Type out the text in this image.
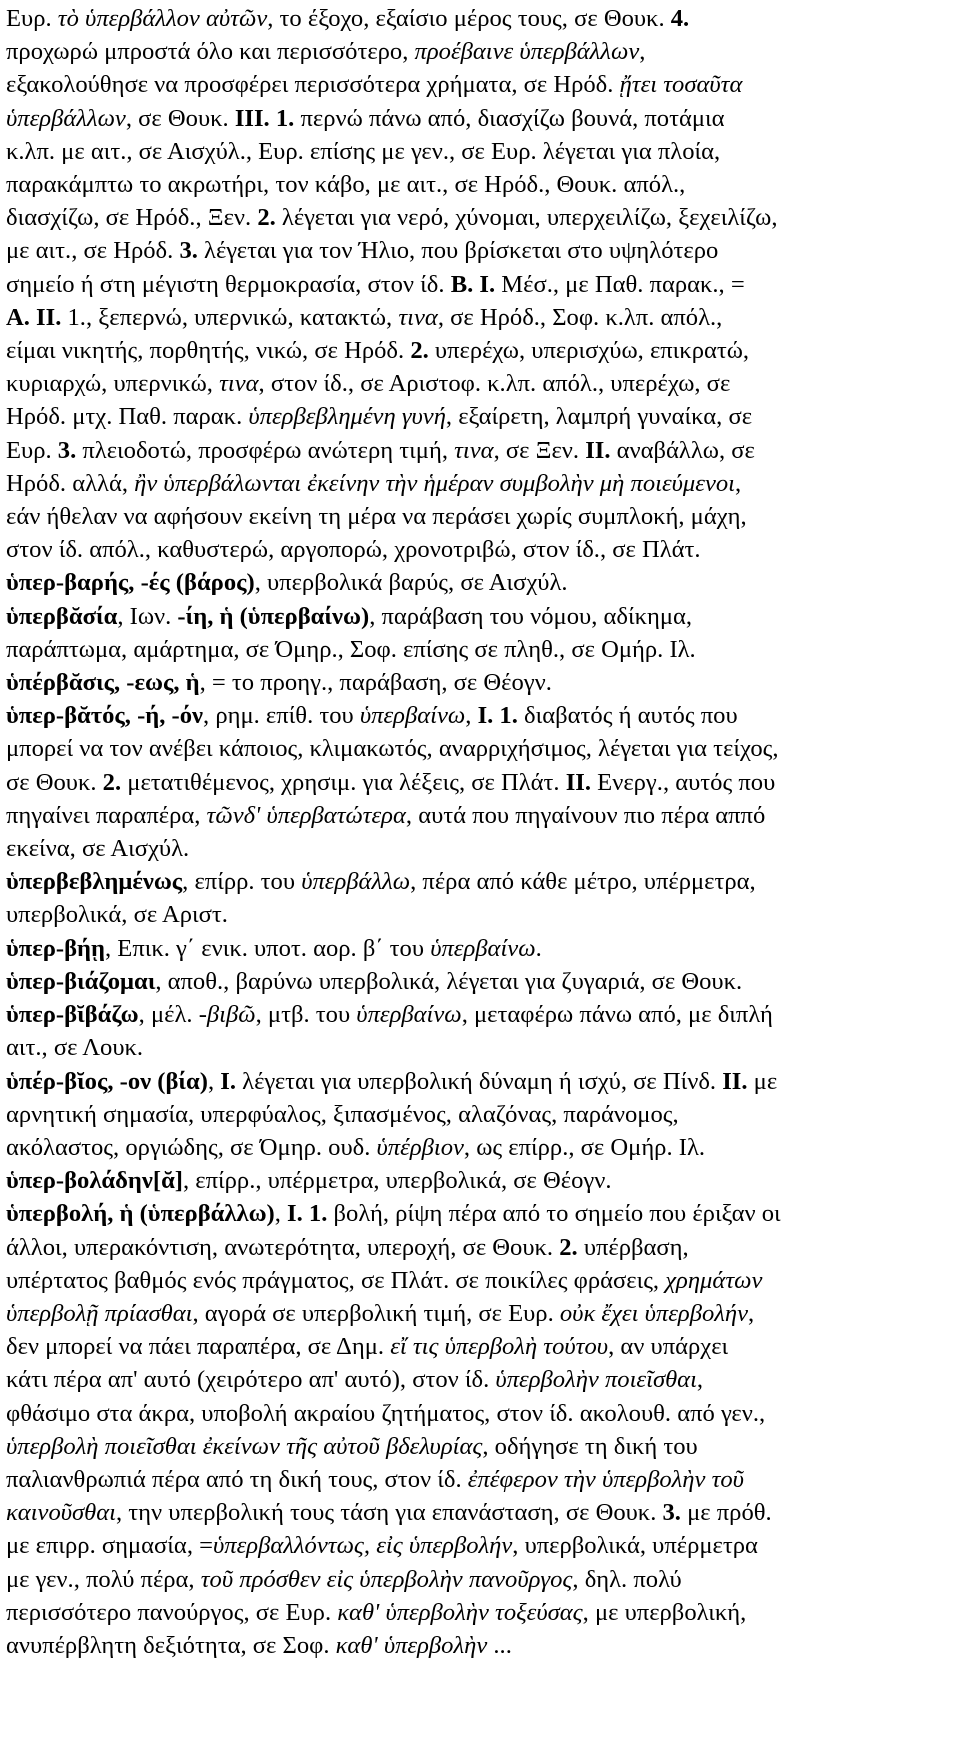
Ευρ. τὸ ὑπερβάλλον αὐτῶν, το έξοχο, εξαίσιο μέρος τους, σε Θουκ. 4.
προχωρώ μπροστά όλο και περισσότερο, προέβαινε ὑπερβάλλων,
εξακολούθησε να προσφέρει περισσότερα χρήματα, σε Ηρόδ. ᾔτει τοσαῦτα
ὑπερβάλλων, σε Θουκ. ΙΙΙ. 1. περνώ πάνω από, διασχίζω βουνά, ποτάμια
κ.λπ. με αιτ., σε Αισχύλ., Ευρ. επίσης με γεν., σε Ευρ. λέγεται για πλοία,
παρακάμπτω το ακρωτήρι, τον κάβο, με αιτ., σε Ηρόδ., Θουκ. απόλ.,
διασχίζω, σε Ηρόδ., Ξεν. 2. λέγεται για νερό, χύνομαι, υπερχειλίζω, ξεχειλίζω,
με αιτ., σε Ηρόδ. 3. λέγεται για τον Ήλιο, που βρίσκεται στο υψηλότερο
σημείο ή στη μέγιστη θερμοκρασία, στον ίδ. Β. Ι. Μέσ., με Παθ. παρακ., =
Α. ΙΙ. 1., ξεπερνώ, υπερνικώ, κατακτώ, τινα, σε Ηρόδ., Σοφ. κ.λπ. απόλ.,
είμαι νικητής, πορθητής, νικώ, σε Ηρόδ. 2. υπερέχω, υπερισχύω, επικρατώ,
κυριαρχώ, υπερνικώ, τινα, στον ίδ., σε Αριστοφ. κ.λπ. απόλ., υπερέχω, σε
Ηρόδ. μτχ. Παθ. παρακ. ὑπερβεβλημένη γυνή, εξαίρετη, λαμπρή γυναίκα, σε
Ευρ. 3. πλειοδοτώ, προσφέρω ανώτερη τιμή, τινα, σε Ξεν. ΙΙ. αναβάλλω, σε
Ηρόδ. αλλά, ἢν ὑπερβάλωνται ἐκείνην τὴν ἡμέραν συμβολὴν μὴ ποιεύμενοι,
εάν ήθελαν να αφήσουν εκείνη τη μέρα να περάσει χωρίς συμπλοκή, μάχη,
στον ίδ. απόλ., καθυστερώ, αργοπορώ, χρονοτριβώ, στον ίδ., σε Πλάτ.
ὑπερ-βαρής, -ές (βάρος), υπερβολικά βαρύς, σε Αισχύλ.
ὑπερβᾰσία, Ιων. -ίη, ἡ (ὑπερβαίνω), παράβαση του νόμου, αδίκημα,
παράπτωμα, αμάρτημα, σε Όμηρ., Σοφ. επίσης σε πληθ., σε Ομήρ. Ιλ.
ὑπέρβᾰσις, -εως, ἡ, = το προηγ., παράβαση, σε Θέογν.
ὑπερ-βᾰτός, -ή, -όν, ρημ. επίθ. του ὑπερβαίνω, Ι. 1. διαβατός ή αυτός που
μπορεί να τον ανέβει κάποιος, κλιμακωτός, αναρριχήσιμος, λέγεται για τείχος,
σε Θουκ. 2. μετατιθέμενος, χρησιμ. για λέξεις, σε Πλάτ. ΙΙ. Ενεργ., αυτός που
πηγαίνει παραπέρα, τῶνδ' ὑπερβατώτερα, αυτά που πηγαίνουν πιο πέρα αππό
εκείνα, σε Αισχύλ.
ὑπερβεβλημένως, επίρρ. του ὑπερβάλλω, πέρα από κάθε μέτρο, υπέρμετρα,
υπερβολικά, σε Αριστ.
ὑπερ-βήῃ, Επικ. γ΄ ενικ. υποτ. αορ. β΄ του ὑπερβαίνω.
ὑπερ-βιάζομαι, αποθ., βαρύνω υπερβολικά, λέγεται για ζυγαριά, σε Θουκ.
ὑπερ-βῐβάζω, μέλ. -βιβῶ, μτβ. του ὑπερβαίνω, μεταφέρω πάνω από, με διπλή
αιτ., σε Λουκ.
ὑπέρ-βῐος, -ον (βία), Ι. λέγεται για υπερβολική δύναμη ή ισχύ, σε Πίνδ. ΙΙ. με
αρνητική σημασία, υπερφύαλος, ξιπασμένος, αλαζόνας, παράνομος,
ακόλαστος, οργιώδης, σε Όμηρ. ουδ. ὑπέρβιον, ως επίρρ., σε Ομήρ. Ιλ.
ὑπερ-βολάδην[ᾰ], επίρρ., υπέρμετρα, υπερβολικά, σε Θέογν.
ὑπερβολή, ἡ (ὑπερβάλλω), Ι. 1. βολή, ρίψη πέρα από το σημείο που έριξαν οι
άλλοι, υπερακόντιση, ανωτερότητα, υπεροχή, σε Θουκ. 2. υπέρβαση,
υπέρτατος βαθμός ενός πράγματος, σε Πλάτ. σε ποικίλες φράσεις, χρημάτων
ὑπερβολῇ πρίασθαι, αγορά σε υπερβολική τιμή, σε Ευρ. οὐκ ἔχει ὑπερβολήν,
δεν μπορεί να πάει παραπέρα, σε Δημ. εἴ τις ὑπερβολὴ τούτου, αν υπάρχει
κάτι πέρα απ' αυτό (χειρότερο απ' αυτό), στον ίδ. ὑπερβολὴν ποιεῖσθαι,
φθάσιμο στα άκρα, υποβολή ακραίου ζητήματος, στον ίδ. ακολουθ. από γεν.,
ὑπερβολὴ ποιεῖσθαι ἐκείνων τῆς αὐτοῦ βδελυρίας, οδήγησε τη δική του
παλιανθρωπιά πέρα από τη δική τους, στον ίδ. ἐπέφερον τὴν ὑπερβολὴν τοῦ
καινοῦσθαι, την υπερβολική τους τάση για επανάσταση, σε Θουκ. 3. με πρόθ.
με επιρρ. σημασία, =ὑπερβαλλόντως, εἰς ὑπερβολήν, υπερβολικά, υπέρμετρα
με γεν., πολύ πέρα, τοῦ πρόσθεν εἰς ὑπερβολὴν πανοῦργος, δηλ. πολύ
περισσότερο πανούργος, σε Ευρ. καθ' ὑπερβολὴν τοξεύσας, με υπερβολική,
ανυπέρβλητη δεξιότητα, σε Σοφ. καθ' ὑπερβολὴν ...
